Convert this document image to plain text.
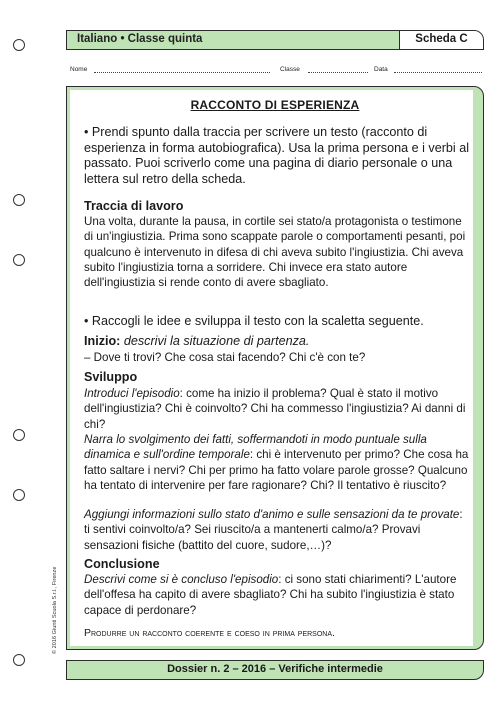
Italiano • Classe quinta	Scheda C
Nome	Classe	Data
RACCONTO DI ESPERIENZA
• Prendi spunto dalla traccia per scrivere un testo (racconto di esperienza in forma autobiografica). Usa la prima persona e i verbi al passato. Puoi scriverlo come una pagina di diario personale o una lettera sul retro della scheda.
Traccia di lavoro
Una volta, durante la pausa, in cortile sei stato/a protagonista o testimone di un'ingiustizia. Prima sono scappate parole o comportamenti pesanti, poi qualcuno è intervenuto in difesa di chi aveva subito l'ingiustizia. Chi aveva subito l'ingiustizia torna a sorridere. Chi invece era stato autore dell'ingiustizia si rende conto di avere sbagliato.
• Raccogli le idee e sviluppa il testo con la scaletta seguente.
Inizio: descrivi la situazione di partenza.
– Dove ti trovi? Che cosa stai facendo? Chi c'è con te?
Sviluppo
Introduci l'episodio: come ha inizio il problema? Qual è stato il motivo dell'ingiustizia? Chi è coinvolto? Chi ha commesso l'ingiustizia? Ai danni di chi?
Narra lo svolgimento dei fatti, soffermandoti in modo puntuale sulla dinamica e sull'ordine temporale: chi è intervenuto per primo? Che cosa ha fatto saltare i nervi? Chi per primo ha fatto volare parole grosse? Qualcuno ha tentato di intervenire per fare ragionare? Chi? Il tentativo è riuscito?
Aggiungi informazioni sullo stato d'animo e sulle sensazioni da te provate: ti sentivi coinvolto/a? Sei riuscito/a a mantenerti calmo/a? Provavi sensazioni fisiche (battito del cuore, sudore,…)?
Conclusione
Descrivi come si è concluso l'episodio: ci sono stati chiarimenti? L'autore dell'offesa ha capito di avere sbagliato? Chi ha subito l'ingiustizia è stato capace di perdonare?
Produrre un racconto coerente e coeso in prima persona.
Dossier n. 2 – 2016 – Verifiche intermedie
© 2016 Giunti Scuola S.r.l., Firenze
